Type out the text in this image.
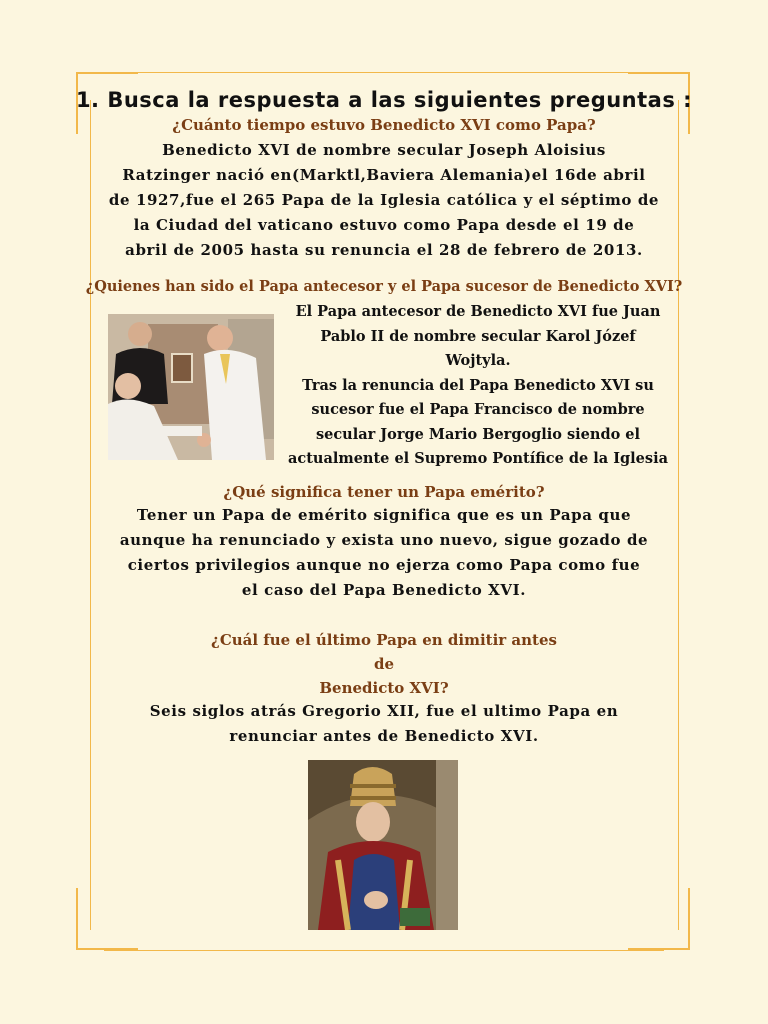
1. Busca la respuesta a las siguientes preguntas :
¿Cuánto tiempo estuvo Benedicto XVI como Papa?
Benedicto XVI de nombre secular Joseph Aloisius
Ratzinger nació en(Marktl,Baviera Alemania)el 16de abril
de 1927,fue el 265 Papa de la Iglesia católica y el séptimo de
la Ciudad del vaticano estuvo como Papa desde el 19 de
abril de 2005 hasta su renuncia el 28 de febrero de 2013.
¿Quienes han sido el Papa antecesor y el Papa sucesor de Benedicto XVI?
El Papa antecesor de Benedicto XVI fue Juan
Pablo II de nombre secular Karol Józef
Wojtyla.
Tras la renuncia del Papa Benedicto XVI su
sucesor fue el Papa Francisco de nombre
secular Jorge Mario Bergoglio siendo el
actualmente el Supremo Pontífice de la Iglesia
¿Qué significa tener un Papa emérito?
Tener un Papa de emérito significa que es un Papa que
aunque ha renunciado y exista uno nuevo, sigue gozado de
ciertos privilegios aunque no ejerza como Papa como fue
el caso del Papa Benedicto XVI.
¿Cuál fue el último Papa en dimitir antes
de
Benedicto XVI?
Seis siglos atrás Gregorio XII, fue el ultimo Papa en
renunciar antes de Benedicto XVI.
